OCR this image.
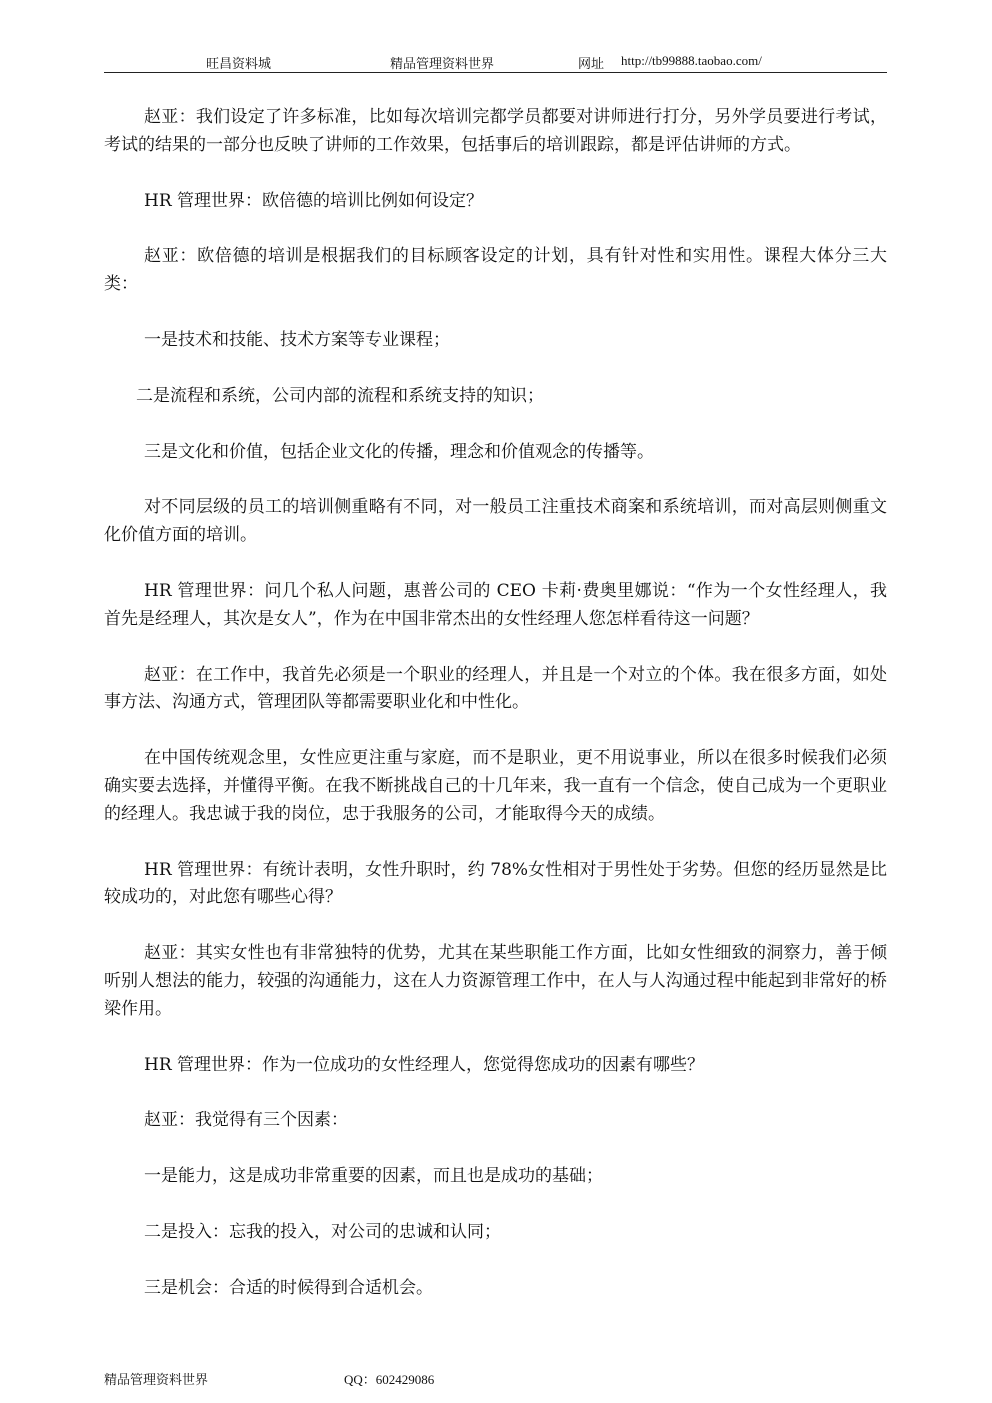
旺昌资料城	精品管理资料世界	网址 http://tb99888.taobao.com/

赵亚：我们设定了许多标准，比如每次培训完都学员都要对讲师进行打分，另外学员要进行考试，考试的结果的一部分也反映了讲师的工作效果，包括事后的培训跟踪，都是评估讲师的方式。

HR 管理世界：欧倍德的培训比例如何设定？

赵亚：欧倍德的培训是根据我们的目标顾客设定的计划，具有针对性和实用性。课程大体分三大类：

一是技术和技能、技术方案等专业课程；

二是流程和系统，公司内部的流程和系统支持的知识；

三是文化和价值，包括企业文化的传播，理念和价值观念的传播等。

对不同层级的员工的培训侧重略有不同，对一般员工注重技术商案和系统培训，而对高层则侧重文化价值方面的培训。

HR 管理世界：问几个私人问题，惠普公司的 CEO 卡莉·费奥里娜说：“作为一个女性经理人，我首先是经理人，其次是女人”，作为在中国非常杰出的女性经理人您怎样看待这一问题？

赵亚：在工作中，我首先必须是一个职业的经理人，并且是一个对立的个体。我在很多方面，如处事方法、沟通方式，管理团队等都需要职业化和中性化。

在中国传统观念里，女性应更注重与家庭，而不是职业，更不用说事业，所以在很多时候我们必须确实要去选择，并懂得平衡。在我不断挑战自己的十几年来，我一直有一个信念，使自己成为一个更职业的经理人。我忠诚于我的岗位，忠于我服务的公司，才能取得今天的成绩。

HR 管理世界：有统计表明，女性升职时，约 78%女性相对于男性处于劣势。但您的经历显然是比较成功的，对此您有哪些心得？

赵亚：其实女性也有非常独特的优势，尤其在某些职能工作方面，比如女性细致的洞察力，善于倾听别人想法的能力，较强的沟通能力，这在人力资源管理工作中，在人与人沟通过程中能起到非常好的桥梁作用。

HR 管理世界：作为一位成功的女性经理人，您觉得您成功的因素有哪些？

赵亚：我觉得有三个因素：

一是能力，这是成功非常重要的因素，而且也是成功的基础；

二是投入：忘我的投入，对公司的忠诚和认同；

三是机会：合适的时候得到合适机会。

精品管理资料世界	QQ：602429086
